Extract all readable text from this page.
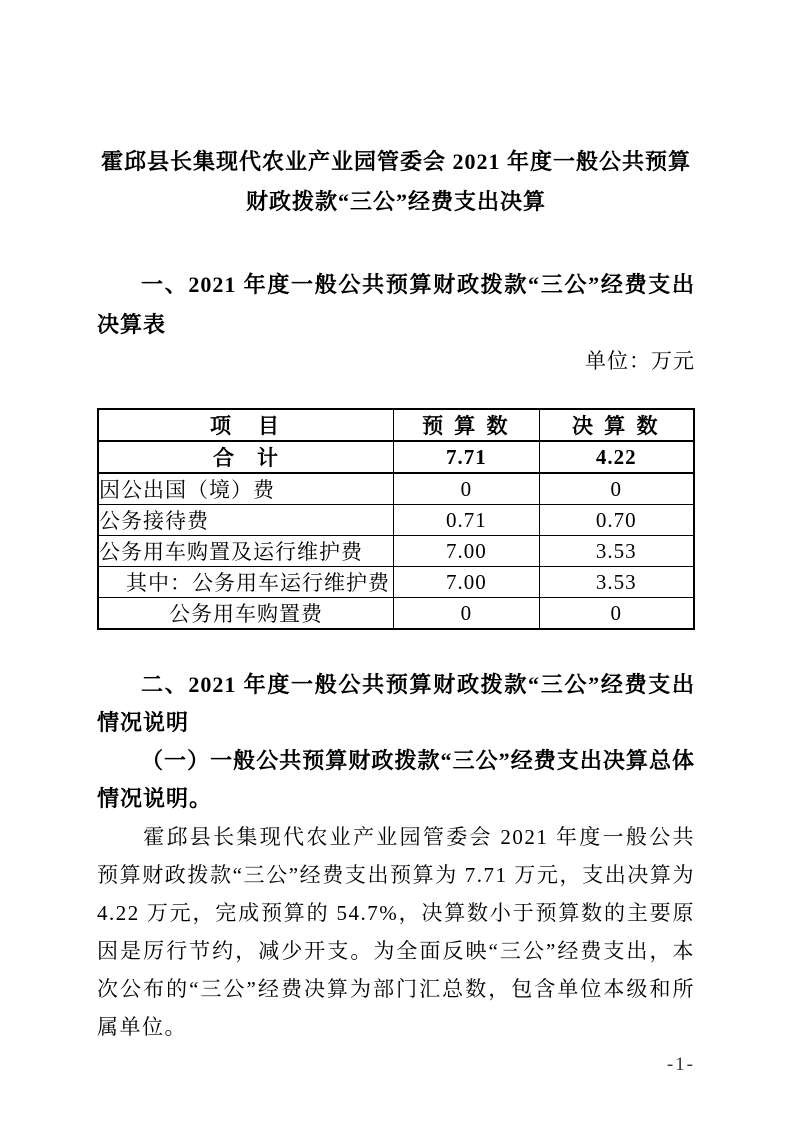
霍邱县长集现代农业产业园管委会 2021 年度一般公共预算财政拨款“三公”经费支出决算
一、2021 年度一般公共预算财政拨款“三公”经费支出决算表
单位：万元
项　目	预 算 数	决 算 数
合　计	7.71	4.22
因公出国（境）费	0	0
公务接待费	0.71	0.70
公务用车购置及运行维护费	7.00	3.53
其中：公务用车运行维护费	7.00	3.53
公务用车购置费	0	0
二、2021 年度一般公共预算财政拨款“三公”经费支出情况说明
（一）一般公共预算财政拨款“三公”经费支出决算总体情况说明。

霍邱县长集现代农业产业园管委会 2021 年度一般公共预算财政拨款“三公”经费支出预算为 7.71 万元，支出决算为 4.22 万元，完成预算的 54.7%，决算数小于预算数的主要原因是厉行节约，减少开支。为全面反映“三公”经费支出，本次公布的“三公”经费决算为部门汇总数，包含单位本级和所属单位。

-1-
